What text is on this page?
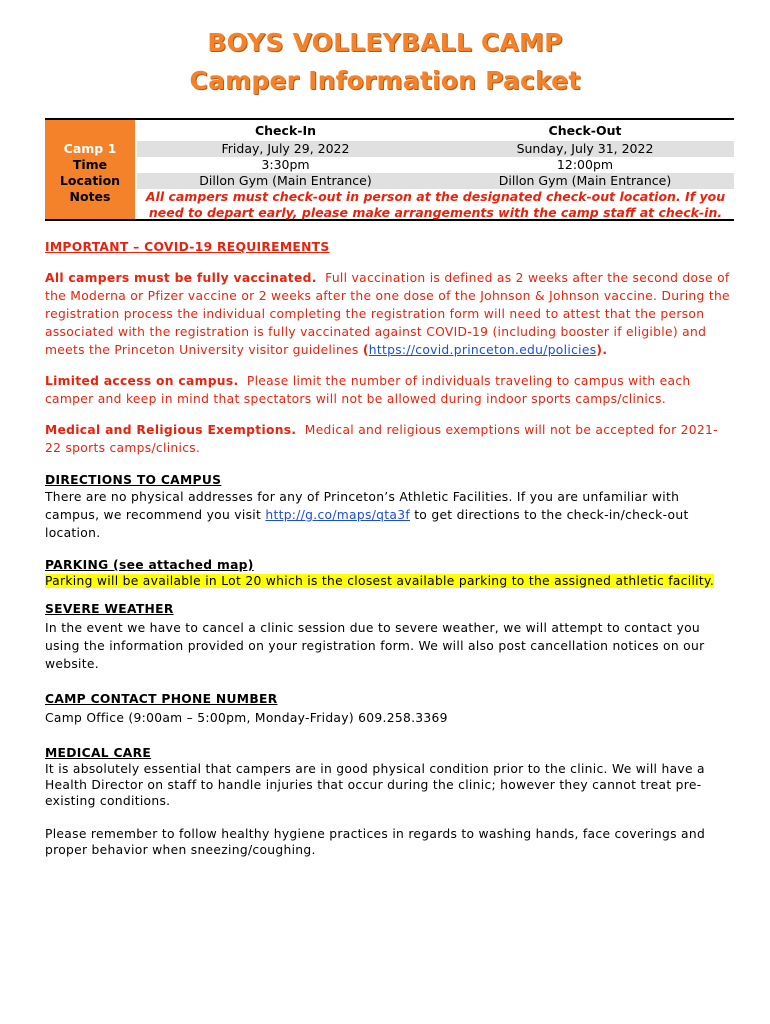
BOYS VOLLEYBALL CAMP
Camper Information Packet
Camp 1
Time
Location
Notes
Check-In
Friday, July 29, 2022
3:30pm
Dillon Gym (Main Entrance)
Check-Out
Sunday, July 31, 2022
12:00pm
Dillon Gym (Main Entrance)
All campers must check-out in person at the designated check-out location. If you
need to depart early, please make arrangements with the camp staff at check-in.
IMPORTANT – COVID-19 REQUIREMENTS
All campers must be fully vaccinated. Full vaccination is defined as 2 weeks after the second dose of the Moderna or Pfizer vaccine or 2 weeks after the one dose of the Johnson & Johnson vaccine. During the registration process the individual completing the registration form will need to attest that the person associated with the registration is fully vaccinated against COVID-19 (including booster if eligible) and meets the Princeton University visitor guidelines (https://covid.princeton.edu/policies).
Limited access on campus. Please limit the number of individuals traveling to campus with each camper and keep in mind that spectators will not be allowed during indoor sports camps/clinics.
Medical and Religious Exemptions. Medical and religious exemptions will not be accepted for 2021-22 sports camps/clinics.
DIRECTIONS TO CAMPUS
There are no physical addresses for any of Princeton’s Athletic Facilities. If you are unfamiliar with campus, we recommend you visit http://g.co/maps/qta3f to get directions to the check-in/check-out location.
PARKING (see attached map)
Parking will be available in Lot 20 which is the closest available parking to the assigned athletic facility.
SEVERE WEATHER
In the event we have to cancel a clinic session due to severe weather, we will attempt to contact you using the information provided on your registration form. We will also post cancellation notices on our website.
CAMP CONTACT PHONE NUMBER
Camp Office (9:00am – 5:00pm, Monday-Friday) 609.258.3369
MEDICAL CARE
It is absolutely essential that campers are in good physical condition prior to the clinic. We will have a Health Director on staff to handle injuries that occur during the clinic; however they cannot treat pre-existing conditions.
Please remember to follow healthy hygiene practices in regards to washing hands, face coverings and proper behavior when sneezing/coughing.
